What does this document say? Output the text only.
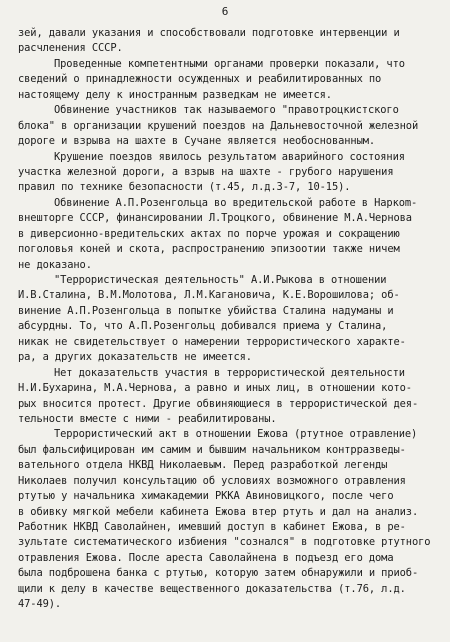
6
зей, давали указания и способствовали подготовке интервенции и
расчленения СССР.
Проведенные компетентными органами проверки показали, что
сведений о принадлежности осужденных и реабилитированных по
настоящему делу к иностранным разведкам не имеется.
Обвинение участников так называемого "правотроцкистского
блока" в организации крушений поездов на Дальневосточной железной
дороге и взрыва на шахте в Сучане является необоснованным.
Крушение поездов явилось результатом аварийного состояния
участка железной дороги, а взрыв на шахте - грубого нарушения
правил по технике безопасности (т.45, л.д.3-7, 10-15).
Обвинение А.П.Розенгольца во вредительской работе в Наркоm-
внешторге СССР, финансировании Л.Троцкого, обвинение М.А.Чернова
в диверсионно-вредительских актах по порче урожая и сокращению
поголовья коней и скота, распространению эпизоотии также ничем
не доказано.
"Террористическая деятельность" А.И.Рыкова в отношении
И.В.Сталина, В.М.Молотова, Л.М.Кагановича, К.Е.Ворошилова; об-
винение А.П.Розенгольца в попытке убийства Сталина надуманы и
абсурдны. То, что А.П.Розенгольц добивался приема у Сталина,
никак не свидетельствует о намерении террористического характе-
ра, а других доказательств не имеется.
Нет доказательств участия в террористической деятельности
Н.И.Бухарина, М.А.Чернова, а равно и иных лиц, в отношении кото-
рых вносится протест. Другие обвиняющиеся в террористической дея-
тельности вместе с ними - реабилитированы.
Террористический акт в отношении Ежова (ртутное отравление)
был фальсифицирован им самим и бывшим начальником контрразведы-
вательного отдела НКВД Николаевым. Перед разработкой легенды
Николаев получил консультацию об условиях возможного отравления
ртутью у начальника химакадемии РККА Авиновицкого, после чего
в обивку мягкой мебели кабинета Ежова втер ртуть и дал на анализ.
Работник НКВД Саволайнен, имевший доступ в кабинет Ежова, в ре-
зультате систематического избиения "сознался" в подготовке ртутного
отравления Ежова. После ареста Саволайнена в подъезд его дома
была подброшена банка с ртутью, которую затем обнаружили и приоб-
щили к делу в качестве вещественного доказательства (т.76, л.д.
47-49).
